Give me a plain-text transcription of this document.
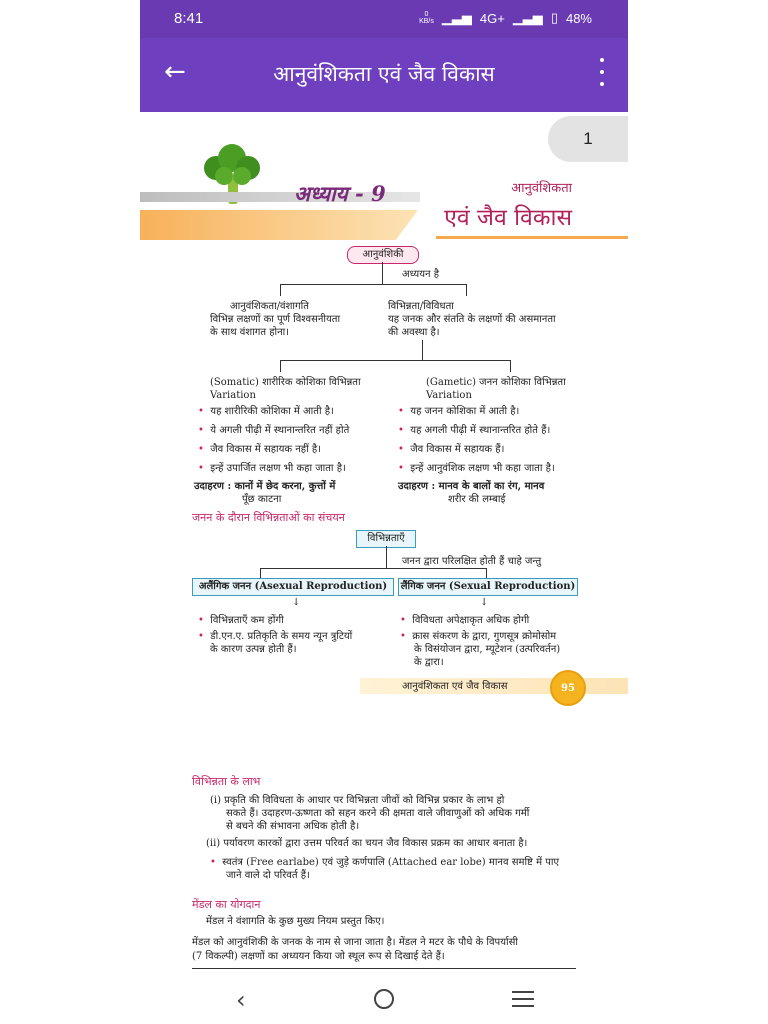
8:41	0
KB/s ▁▃▅ 4G+ ▁▃▅ ▯ 48%
←	आनुवंशिकता एवं जैव विकास
1
अध्याय - 9	आनुवंशिकता
एवं जैव विकास
आनुवंशिकी
अध्ययन है
आनुवंशिकता/वंशागति
विभिन्न लक्षणों का पूर्ण विश्‍वसनीयता
के साथ वंशागत होना।
विभिन्नता/विविधता
यह जनक और संतति के लक्षणों की असमानता
की अवस्था है।
(Somatic) शारीरिक कोशिका विभिन्नता
Variation
• यह शारीरिकी कोशिका में आती है।
• ये अगली पीढ़ी में स्थानान्तरित नहीं होते
• जैव विकास में सहायक नहीं है।
• इन्हें उपार्जित लक्षण भी कहा जाता है।
उदाहरण : कानों में छेद करना, कुत्तों में
पूँछ काटना
(Gametic) जनन कोशिका विभिन्नता
Variation
• यह जनन कोशिका में आती है।
• यह अगली पीढ़ी में स्थानान्तरित होते हैं।
• जैव विकास में सहायक हैं।
• इन्हें आनुवंशिक लक्षण भी कहा जाता है।
उदाहरण : मानव के बालों का रंग, मानव
शरीर की लम्बाई
जनन के दौरान विभिन्नताओं का संचयन
विभिन्नताएँ
जनन द्वारा परिलक्षित होती हैं चाहे जन्तु
अलैंगिक जनन (Asexual Reproduction)	लैंगिक जनन (Sexual Reproduction)
↓	↓
• विभिन्नताएँ कम होंगी
• डी.एन.ए. प्रतिकृति के समय न्यून त्रुटियों
के कारण उत्पन्न होती हैं।
• विविधता अपेक्षाकृत अधिक होगी
• क्रास संकरण के द्वारा, गुणसूत्र क्रोमोसोम
के विसंयोजन द्वारा, म्यूटेशन (उत्परिवर्तन)
के द्वारा।
आनुवंशिकता एवं जैव विकास	95
विभिन्नता के लाभ
(i) प्रकृति की विविधता के आधार पर विभिन्नता जीवों को विभिन्न प्रकार के लाभ हो
सकते हैं। उदाहरण-ऊष्णता को सहन करने की क्षमता वाले जीवाणुओं को अधिक गर्मी
से बचने की संभावना अधिक होती है।
(ii) पर्यावरण कारकों द्वारा उत्तम परिवर्त का चयन जैव विकास प्रक्रम का आधार बनाता है।
• स्वतंत्र (Free earlabe) एवं जुड़े कर्णपालि (Attached ear lobe) मानव समष्टि में पाए
जाने वाले दो परिवर्त हैं।
मेंडल का योगदान
मेंडल ने वंशागति के कुछ मुख्य नियम प्रस्तुत किए।
मेंडल को आनुवंशिकी के जनक के नाम से जाना जाता है। मेंडल ने मटर के पौधे के विपर्यासी
(7 विकल्पी) लक्षणों का अध्ययन किया जो स्थूल रूप से दिखाई देते हैं।
‹
